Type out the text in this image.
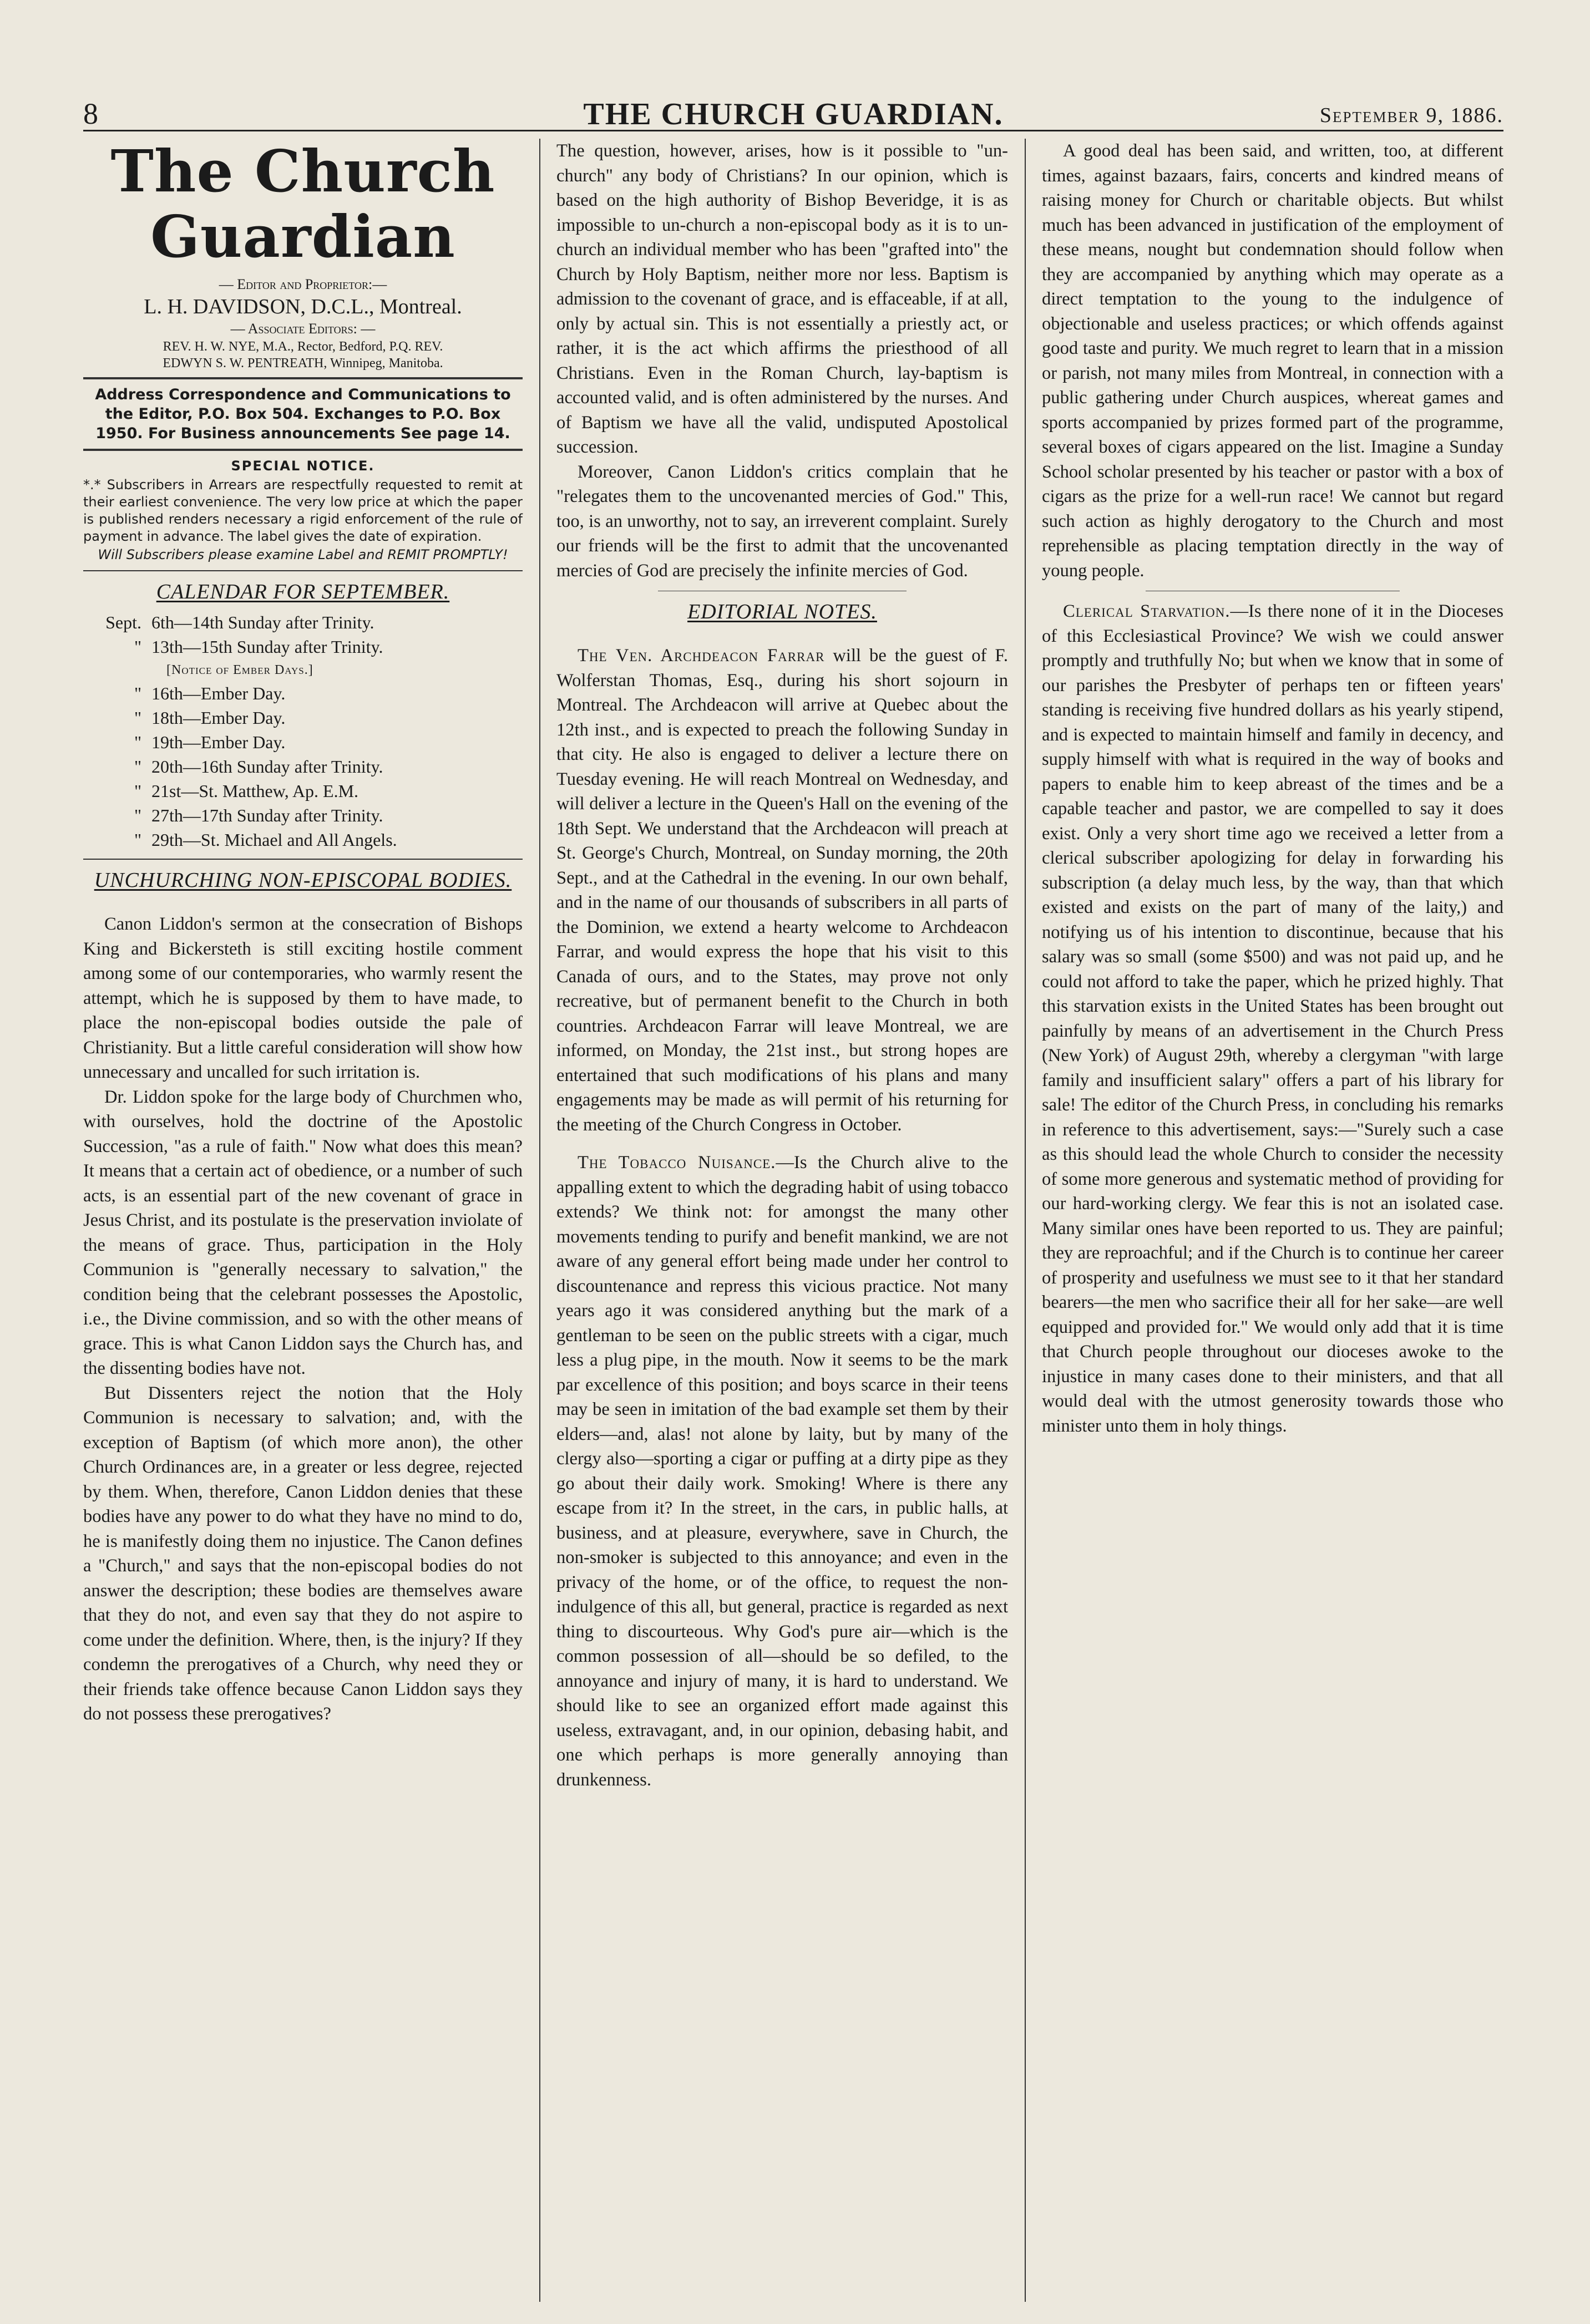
8	THE CHURCH GUARDIAN.	September 9, 1886.
The Church Guardian
— Editor and Proprietor:—
L. H. DAVIDSON, D.C.L., Montreal.
— Associate Editors: —
REV. H. W. NYE, M.A., Rector, Bedford, P.Q. REV.
EDWYN S. W. PENTREATH, Winnipeg, Manitoba.
Address Correspondence and Communications to the Editor, P.O. Box 504. Exchanges to P.O. Box 1950. For Business announcements See page 14.
SPECIAL NOTICE.
*.* Subscribers in Arrears are respectfully requested to remit at their earliest convenience. The very low price at which the paper is published renders necessary a rigid enforcement of the rule of payment in advance. The label gives the date of expiration.
Will Subscribers please examine Label and REMIT PROMPTLY!
CALENDAR FOR SEPTEMBER.
Sept. 6th—14th Sunday after Trinity.
" 13th—15th Sunday after Trinity.
[Notice of Ember Days.]
" 16th—Ember Day.
" 18th—Ember Day.
" 19th—Ember Day.
" 20th—16th Sunday after Trinity.
" 21st—St. Matthew, Ap. E.M.
" 27th—17th Sunday after Trinity.
" 29th—St. Michael and All Angels.
UNCHURCHING NON-EPISCOPAL BODIES.

Canon Liddon's sermon at the consecration of Bishops King and Bickersteth is still exciting hostile comment among some of our contemporaries, who warmly resent the attempt, which he is supposed by them to have made, to place the non-episcopal bodies outside the pale of Christianity. But a little careful consideration will show how unnecessary and uncalled for such irritation is.

Dr. Liddon spoke for the large body of Churchmen who, with ourselves, hold the doctrine of the Apostolic Succession, "as a rule of faith." Now what does this mean? It means that a certain act of obedience, or a number of such acts, is an essential part of the new covenant of grace in Jesus Christ, and its postulate is the preservation inviolate of the means of grace. Thus, participation in the Holy Communion is "generally necessary to salvation," the condition being that the celebrant possesses the Apostolic, i.e., the Divine commission, and so with the other means of grace. This is what Canon Liddon says the Church has, and the dissenting bodies have not.

But Dissenters reject the notion that the Holy Communion is necessary to salvation; and, with the exception of Baptism (of which more anon), the other Church Ordinances are, in a greater or less degree, rejected by them. When, therefore, Canon Liddon denies that these bodies have any power to do what they have no mind to do, he is manifestly doing them no injustice. The Canon defines a "Church," and says that the non-episcopal bodies do not answer the description; these bodies are themselves aware that they do not, and even say that they do not aspire to come under the definition. Where, then, is the injury? If they condemn the prerogatives of a Church, why need they or their friends take offence because Canon Liddon says they do not possess these prerogatives?

The question, however, arises, how is it possible to "un-church" any body of Christians? In our opinion, which is based on the high authority of Bishop Beveridge, it is as impossible to un-church a non-episcopal body as it is to un-church an individual member who has been "grafted into" the Church by Holy Baptism, neither more nor less. Baptism is admission to the covenant of grace, and is effaceable, if at all, only by actual sin. This is not essentially a priestly act, or rather, it is the act which affirms the priesthood of all Christians. Even in the Roman Church, lay-baptism is accounted valid, and is often administered by the nurses. And of Baptism we have all the valid, undisputed Apostolical succession.

Moreover, Canon Liddon's critics complain that he "relegates them to the uncovenanted mercies of God." This, too, is an unworthy, not to say, an irreverent complaint. Surely our friends will be the first to admit that the uncovenanted mercies of God are precisely the infinite mercies of God.

EDITORIAL NOTES.

The Ven. Archdeacon Farrar will be the guest of F. Wolferstan Thomas, Esq., during his short sojourn in Montreal. The Archdeacon will arrive at Quebec about the 12th inst., and is expected to preach the following Sunday in that city. He also is engaged to deliver a lecture there on Tuesday evening. He will reach Montreal on Wednesday, and will deliver a lecture in the Queen's Hall on the evening of the 18th Sept. We understand that the Archdeacon will preach at St. George's Church, Montreal, on Sunday morning, the 20th Sept., and at the Cathedral in the evening. In our own behalf, and in the name of our thousands of subscribers in all parts of the Dominion, we extend a hearty welcome to Archdeacon Farrar, and would express the hope that his visit to this Canada of ours, and to the States, may prove not only recreative, but of permanent benefit to the Church in both countries. Archdeacon Farrar will leave Montreal, we are informed, on Monday, the 21st inst., but strong hopes are entertained that such modifications of his plans and many engagements may be made as will permit of his returning for the meeting of the Church Congress in October.

The Tobacco Nuisance.—Is the Church alive to the appalling extent to which the degrading habit of using tobacco extends? We think not: for amongst the many other movements tending to purify and benefit mankind, we are not aware of any general effort being made under her control to discountenance and repress this vicious practice. Not many years ago it was considered anything but the mark of a gentleman to be seen on the public streets with a cigar, much less a plug pipe, in the mouth. Now it seems to be the mark par excellence of this position; and boys scarce in their teens may be seen in imitation of the bad example set them by their elders—and, alas! not alone by laity, but by many of the clergy also—sporting a cigar or puffing at a dirty pipe as they go about their daily work. Smoking! Where is there any escape from it? In the street, in the cars, in public halls, at business, and at pleasure, everywhere, save in Church, the non-smoker is subjected to this annoyance; and even in the privacy of the home, or of the office, to request the non-indulgence of this all, but general, practice is regarded as next thing to discourteous. Why God's pure air—which is the common possession of all—should be so defiled, to the annoyance and injury of many, it is hard to understand. We should like to see an organized effort made against this useless, extravagant, and, in our opinion, debasing habit, and one which perhaps is more generally annoying than drunkenness.

A good deal has been said, and written, too, at different times, against bazaars, fairs, concerts and kindred means of raising money for Church or charitable objects. But whilst much has been advanced in justification of the employment of these means, nought but condemnation should follow when they are accompanied by anything which may operate as a direct temptation to the young to the indulgence of objectionable and useless practices; or which offends against good taste and purity. We much regret to learn that in a mission or parish, not many miles from Montreal, in connection with a public gathering under Church auspices, whereat games and sports accompanied by prizes formed part of the programme, several boxes of cigars appeared on the list. Imagine a Sunday School scholar presented by his teacher or pastor with a box of cigars as the prize for a well-run race! We cannot but regard such action as highly derogatory to the Church and most reprehensible as placing temptation directly in the way of young people.

Clerical Starvation.—Is there none of it in the Dioceses of this Ecclesiastical Province? We wish we could answer promptly and truthfully No; but when we know that in some of our parishes the Presbyter of perhaps ten or fifteen years' standing is receiving five hundred dollars as his yearly stipend, and is expected to maintain himself and family in decency, and supply himself with what is required in the way of books and papers to enable him to keep abreast of the times and be a capable teacher and pastor, we are compelled to say it does exist. Only a very short time ago we received a letter from a clerical subscriber apologizing for delay in forwarding his subscription (a delay much less, by the way, than that which existed and exists on the part of many of the laity,) and notifying us of his intention to discontinue, because that his salary was so small (some $500) and was not paid up, and he could not afford to take the paper, which he prized highly. That this starvation exists in the United States has been brought out painfully by means of an advertisement in the Church Press (New York) of August 29th, whereby a clergyman "with large family and insufficient salary" offers a part of his library for sale! The editor of the Church Press, in concluding his remarks in reference to this advertisement, says:—"Surely such a case as this should lead the whole Church to consider the necessity of some more generous and systematic method of providing for our hard-working clergy. We fear this is not an isolated case. Many similar ones have been reported to us. They are painful; they are reproachful; and if the Church is to continue her career of prosperity and usefulness we must see to it that her standard bearers—the men who sacrifice their all for her sake—are well equipped and provided for." We would only add that it is time that Church people throughout our dioceses awoke to the injustice in many cases done to their ministers, and that all would deal with the utmost generosity towards those who minister unto them in holy things.
